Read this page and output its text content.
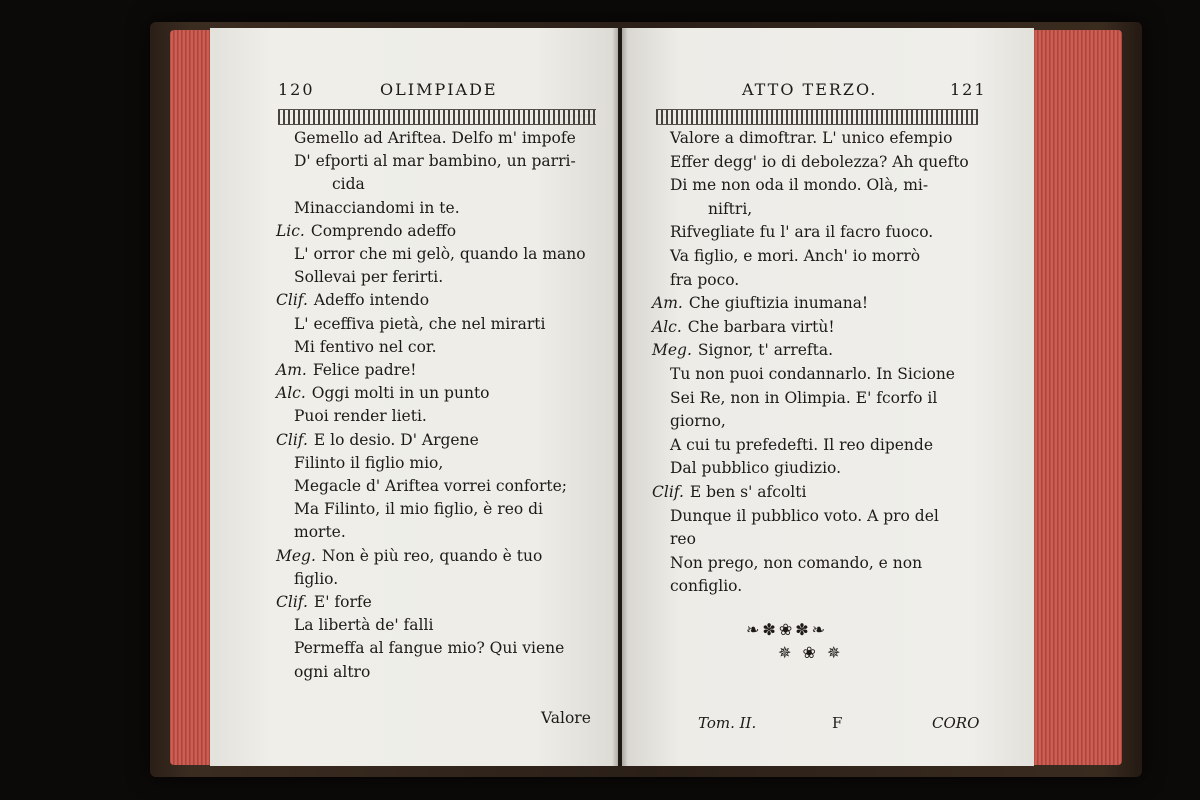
120	OLIMPIADE
Gemello ad Ariftea. Delfo m' impofe
D' efporti al mar bambino, un parri-
cida
Minacciandomi in te.
Lic. Comprendo adeffo
L' orror che mi gelò, quando la mano
Sollevai per ferirti.
Clif. Adeffo intendo
L' eceffiva pietà, che nel mirarti
Mi fentivo nel cor.
Am. Felice padre!
Alc. Oggi molti in un punto
Puoi render lieti.
Clif. E lo desio. D' Argene
Filinto il figlio mio,
Megacle d' Ariftea vorrei conforte;
Ma Filinto, il mio figlio, è reo di
morte.
Meg. Non è più reo, quando è tuo
figlio.
Clif. E' forfe
La libertà de' falli
Permeffa al fangue mio? Qui viene
ogni altro
Valore
ATTO TERZO.	121
Valore a dimoftrar. L' unico efempio
Effer degg' io di debolezza? Ah quefto
Di me non oda il mondo. Olà, mi-
niftri,
Rifvegliate fu l' ara il facro fuoco.
Va figlio, e mori. Anch' io morrò
fra poco.
Am. Che giuftizia inumana!
Alc. Che barbara virtù!
Meg. Signor, t' arrefta.
Tu non puoi condannarlo. In Sicione
Sei Re, non in Olimpia. E' fcorfo il
giorno,
A cui tu prefedefti. Il reo dipende
Dal pubblico giudizio.
Clif. E ben s' afcolti
Dunque il pubblico voto. A pro del
reo
Non prego, non comando, e non
configlio.
❧✽❀✽❧
✵ ❀ ✵
Tom. II.	F	CORO
